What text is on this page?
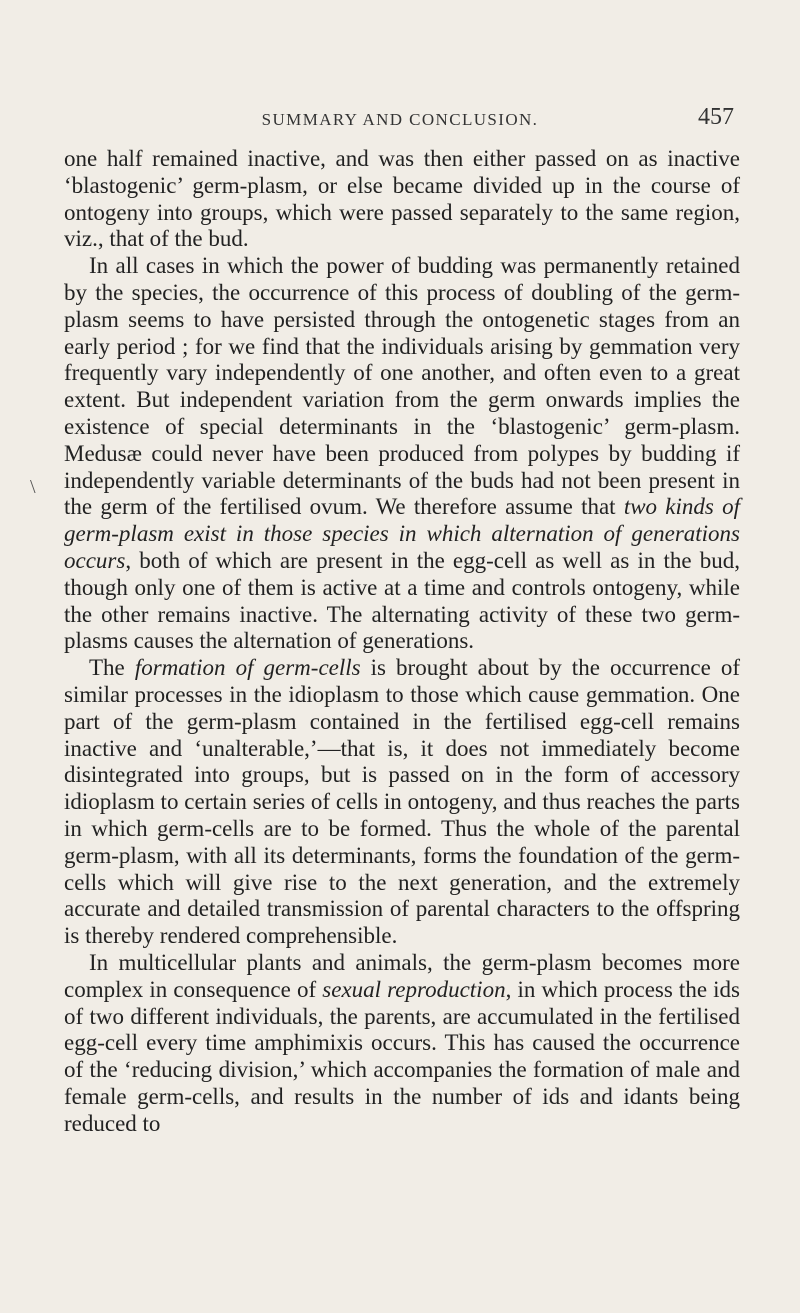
SUMMARY AND CONCLUSION.	457
\

one half remained inactive, and was then either passed on as inactive ‘blastogenic’ germ-plasm, or else became divided up in the course of ontogeny into groups, which were passed separately to the same region, viz., that of the bud.

In all cases in which the power of budding was permanently retained by the species, the occurrence of this process of doubling of the germ-plasm seems to have persisted through the ontogenetic stages from an early period ; for we find that the individuals arising by gemmation very frequently vary independently of one another, and often even to a great extent. But independent variation from the germ onwards implies the existence of special determinants in the ‘blastogenic’ germ-plasm. Medusæ could never have been produced from polypes by budding if independently variable determinants of the buds had not been present in the germ of the fertilised ovum. We therefore assume that two kinds of germ-plasm exist in those species in which alternation of generations occurs, both of which are present in the egg-cell as well as in the bud, though only one of them is active at a time and controls ontogeny, while the other remains inactive. The alternating activity of these two germ-plasms causes the alternation of generations.

The formation of germ-cells is brought about by the occurrence of similar processes in the idioplasm to those which cause gemmation. One part of the germ-plasm contained in the fertilised egg-cell remains inactive and ‘unalterable,’—that is, it does not immediately become disintegrated into groups, but is passed on in the form of accessory idioplasm to certain series of cells in ontogeny, and thus reaches the parts in which germ-cells are to be formed. Thus the whole of the parental germ-plasm, with all its determinants, forms the foundation of the germ-cells which will give rise to the next generation, and the extremely accurate and detailed transmission of parental characters to the offspring is thereby rendered comprehensible.

In multicellular plants and animals, the germ-plasm becomes more complex in consequence of sexual reproduction, in which process the ids of two different individuals, the parents, are accumulated in the fertilised egg-cell every time amphimixis occurs. This has caused the occurrence of the ‘reducing division,’ which accompanies the formation of male and female germ-cells, and results in the number of ids and idants being reduced to
